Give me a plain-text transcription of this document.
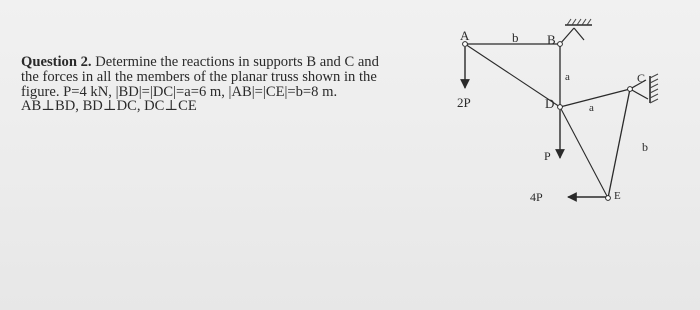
Question 2. Determine the reactions in supports B and C and
the forces in all the members of the planar truss shown in the
figure. P=4 kN, |BD|=|DC|=a=6 m, |AB|=|CE|=b=8 m.
AB⊥BD, BD⊥DC, DC⊥CE
A	B
D
C
E
b
a
a
b
2P
P
4P
